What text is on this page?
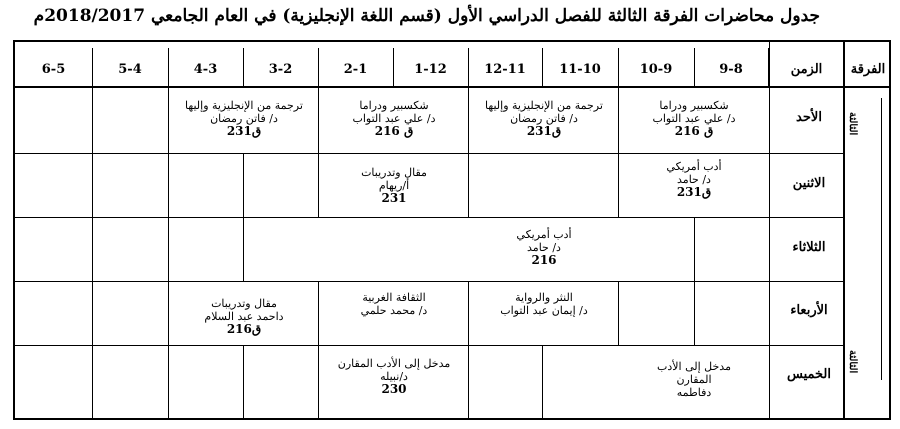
جدول محاضرات الفرقة الثالثة للفصل الدراسي الأول (قسم اللغة الإنجليزية) في العام الجامعي 2018/2017م
الثالثة
الثالثة
الفرقة
الزمن
9-8
10-9
11-10
12-11
1-12
2-1
3-2
4-3
5-4
6-5
الأحد
الاثنين
الثلاثاء
الأربعاء
الخميس
شكسبير ودراما
د/ علي عبد التواب
ق 216
ترجمة من الإنجليزية وإليها
د/ فاتن رمضان
ق231
شكسبير ودراما
د/ علي عبد التواب
ق 216
ترجمة من الإنجليزية وإليها
د/ فاتن رمضان
ق231
أدب أمريكي
د/ حامد
ق231
مقال وتدريبات
أ/ريهام
231
أدب أمريكي
د/ حامد
216
النثر والرواية
د/ إيمان عبد التواب
الثقافة الغربية
د/ محمد حلمي
مقال وتدريبات
داحمد عبد السلام
ق216
مدخل إلى الأدب المقارن
دفاطمه
مدخل إلى الأدب المقارن
د/نبيله
230
